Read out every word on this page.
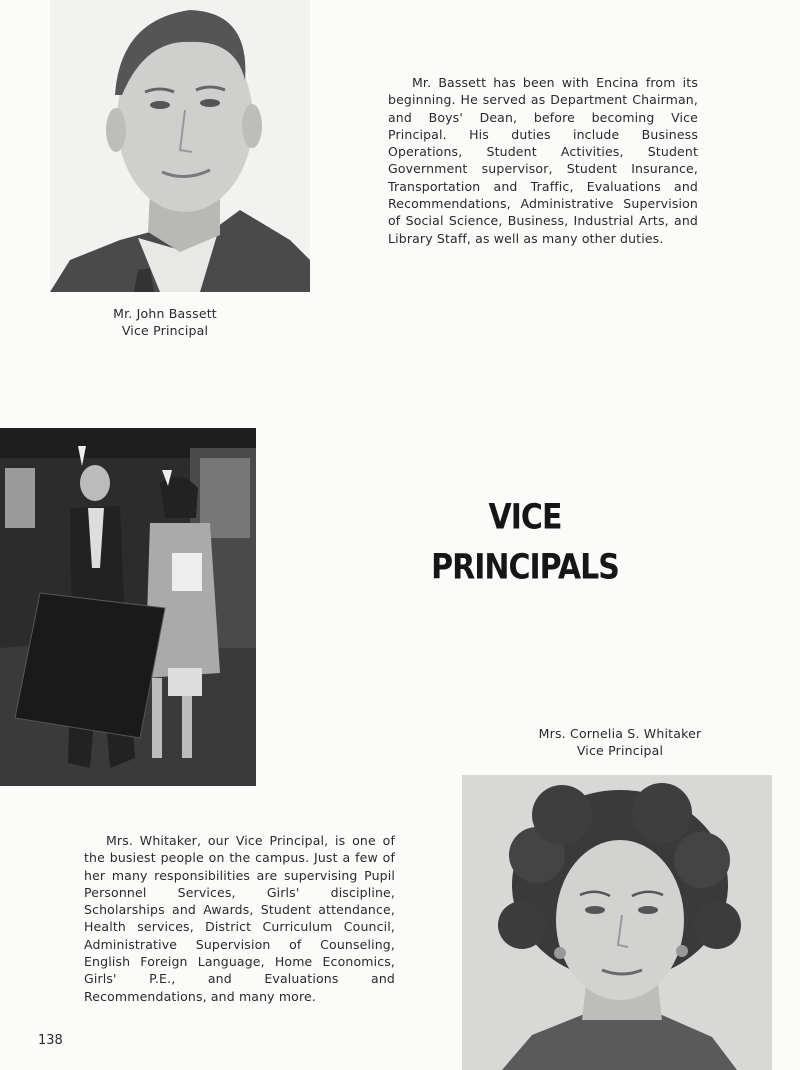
Mr. Bassett has been with Encina from its beginning. He served as Department Chairman, and Boys' Dean, before becoming Vice Principal. His duties include Business Operations, Student Activities, Student Government supervisor, Student Insurance, Transportation and Traffic, Evaluations and Recommendations, Administrative Supervision of Social Science, Business, Industrial Arts, and Library Staff, as well as many other duties.
Mr. John Bassett
Vice Principal
VICE
PRINCIPALS
Mrs. Cornelia S. Whitaker
Vice Principal
Mrs. Whitaker, our Vice Principal, is one of the busiest people on the campus. Just a few of her many responsibilities are supervising Pupil Personnel Services, Girls' discipline, Scholarships and Awards, Student attendance, Health services, District Curriculum Council, Administrative Supervision of Counseling, English Foreign Language, Home Economics, Girls' P.E., and Evaluations and Recommendations, and many more.
138
